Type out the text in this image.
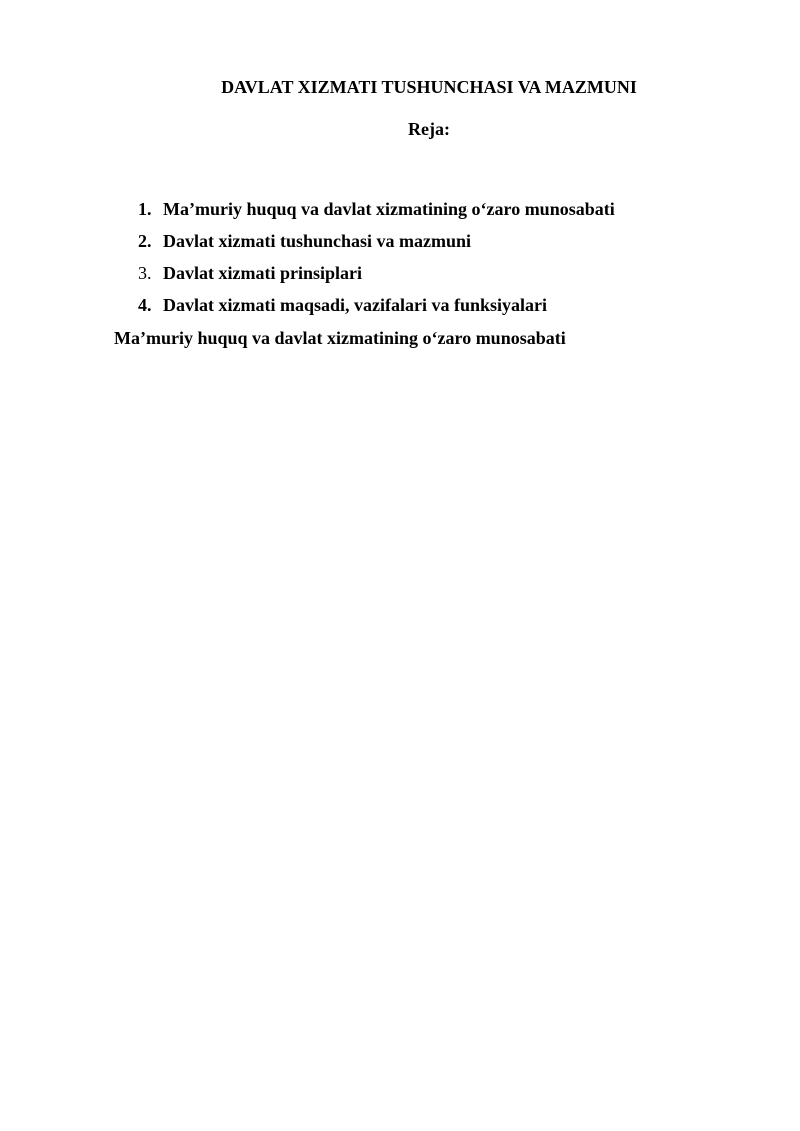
DAVLAT XIZMATI TUSHUNCHASI VA MAZMUNI
Reja:
1. Ma’muriy huquq va davlat xizmatining o‘zaro munosabati
2. Davlat xizmati tushunchasi va mazmuni
3. Davlat xizmati prinsiplari
4. Davlat xizmati maqsadi, vazifalari va funksiyalari
Ma’muriy huquq va davlat xizmatining o‘zaro munosabati
